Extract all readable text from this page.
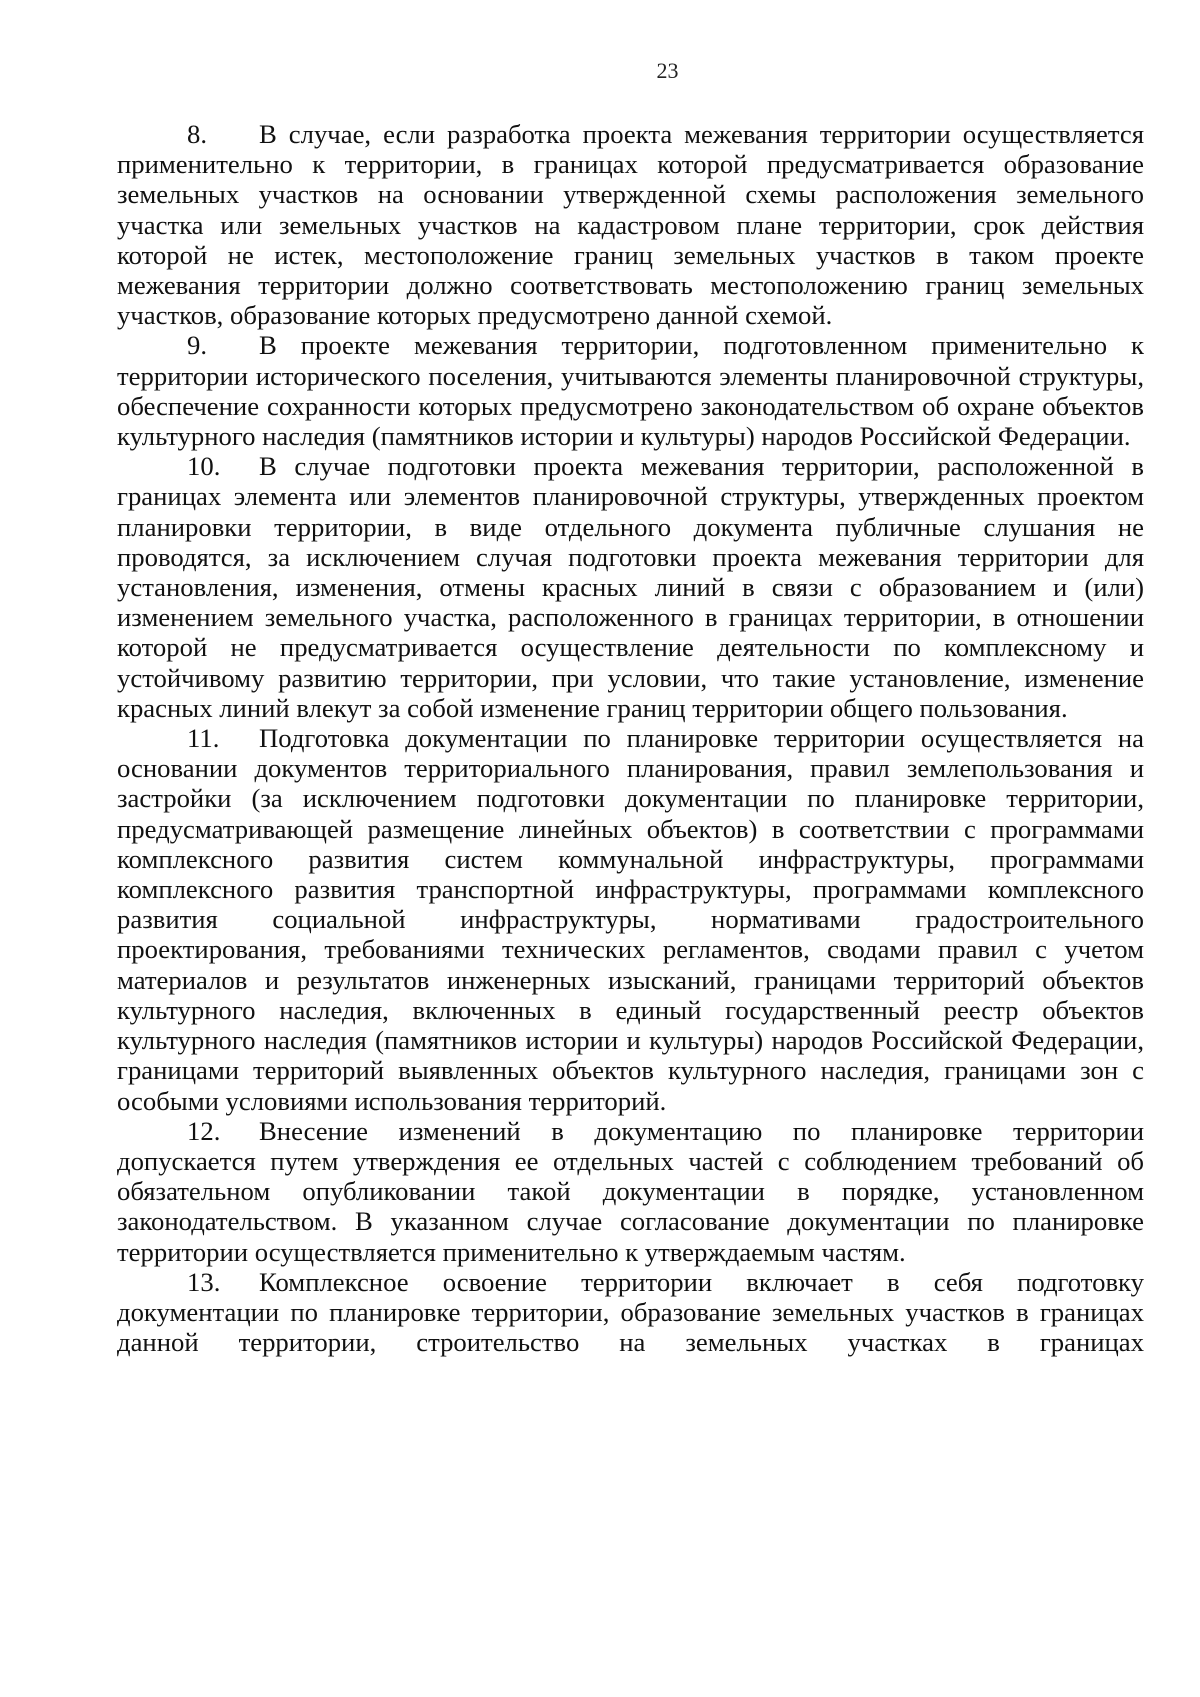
23

8. В случае, если разработка проекта межевания территории осуществляется применительно к территории, в границах которой предусматривается образование земельных участков на основании утвержденной схемы расположения земельного участка или земельных участков на кадастровом плане территории, срок действия которой не истек, местоположение границ земельных участков в таком проекте межевания территории должно соответствовать местоположению границ земельных участков, образование которых предусмотрено данной схемой.

9. В проекте межевания территории, подготовленном применительно к территории исторического поселения, учитываются элементы планировочной структуры, обеспечение сохранности которых предусмотрено законодательством об охране объектов культурного наследия (памятников истории и культуры) народов Российской Федерации.

10. В случае подготовки проекта межевания территории, расположенной в границах элемента или элементов планировочной структуры, утвержденных проектом планировки территории, в виде отдельного документа публичные слушания не проводятся, за исключением случая подготовки проекта межевания территории для установления, изменения, отмены красных линий в связи с образованием и (или) изменением земельного участка, расположенного в границах территории, в отношении которой не предусматривается осуществление деятельности по комплексному и устойчивому развитию территории, при условии, что такие установление, изменение красных линий влекут за собой изменение границ территории общего пользования.

11. Подготовка документации по планировке территории осуществляется на основании документов территориального планирования, правил землепользования и застройки (за исключением подготовки документации по планировке территории, предусматривающей размещение линейных объектов) в соответствии с программами комплексного развития систем коммунальной инфраструктуры, программами комплексного развития транспортной инфраструктуры, программами комплексного развития социальной инфраструктуры, нормативами градостроительного проектирования, требованиями технических регламентов, сводами правил с учетом материалов и результатов инженерных изысканий, границами территорий объектов культурного наследия, включенных в единый государственный реестр объектов культурного наследия (памятников истории и культуры) народов Российской Федерации, границами территорий выявленных объектов культурного наследия, границами зон с особыми условиями использования территорий.

12. Внесение изменений в документацию по планировке территории допускается путем утверждения ее отдельных частей с соблюдением требований об обязательном опубликовании такой документации в порядке, установленном законодательством. В указанном случае согласование документации по планировке территории осуществляется применительно к утверждаемым частям.

13. Комплексное освоение территории включает в себя подготовку документации по планировке территории, образование земельных участков в границах данной территории, строительство на земельных участках в границах
